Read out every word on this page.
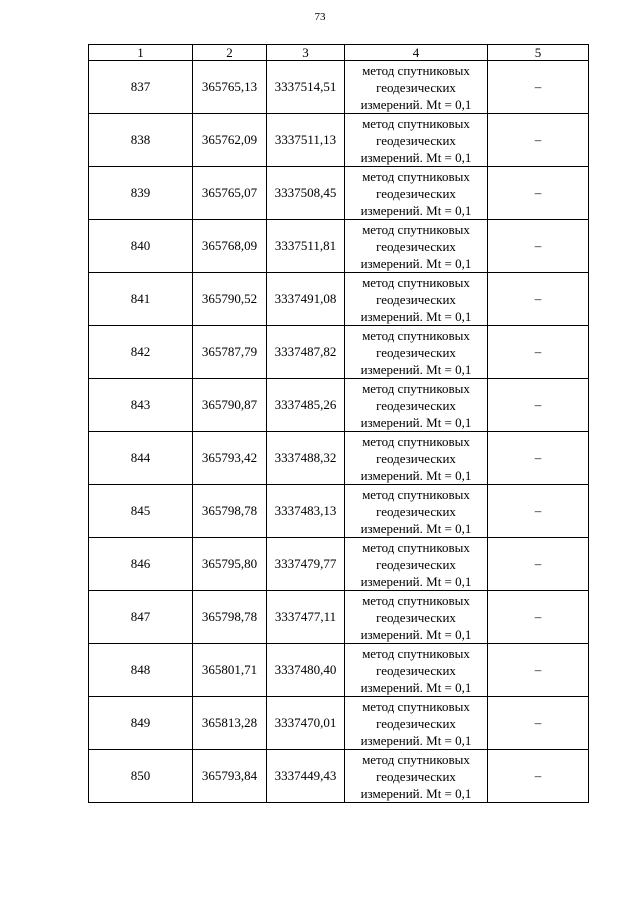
73
1	2	3	4	5
837	365765,13	3337514,51	метод спутниковых
геодезических
измерений. Mt = 0,1	–
838	365762,09	3337511,13	метод спутниковых
геодезических
измерений. Mt = 0,1	–
839	365765,07	3337508,45	метод спутниковых
геодезических
измерений. Mt = 0,1	–
840	365768,09	3337511,81	метод спутниковых
геодезических
измерений. Mt = 0,1	–
841	365790,52	3337491,08	метод спутниковых
геодезических
измерений. Mt = 0,1	–
842	365787,79	3337487,82	метод спутниковых
геодезических
измерений. Mt = 0,1	–
843	365790,87	3337485,26	метод спутниковых
геодезических
измерений. Mt = 0,1	–
844	365793,42	3337488,32	метод спутниковых
геодезических
измерений. Mt = 0,1	–
845	365798,78	3337483,13	метод спутниковых
геодезических
измерений. Mt = 0,1	–
846	365795,80	3337479,77	метод спутниковых
геодезических
измерений. Mt = 0,1	–
847	365798,78	3337477,11	метод спутниковых
геодезических
измерений. Mt = 0,1	–
848	365801,71	3337480,40	метод спутниковых
геодезических
измерений. Mt = 0,1	–
849	365813,28	3337470,01	метод спутниковых
геодезических
измерений. Mt = 0,1	–
850	365793,84	3337449,43	метод спутниковых
геодезических
измерений. Mt = 0,1	–
